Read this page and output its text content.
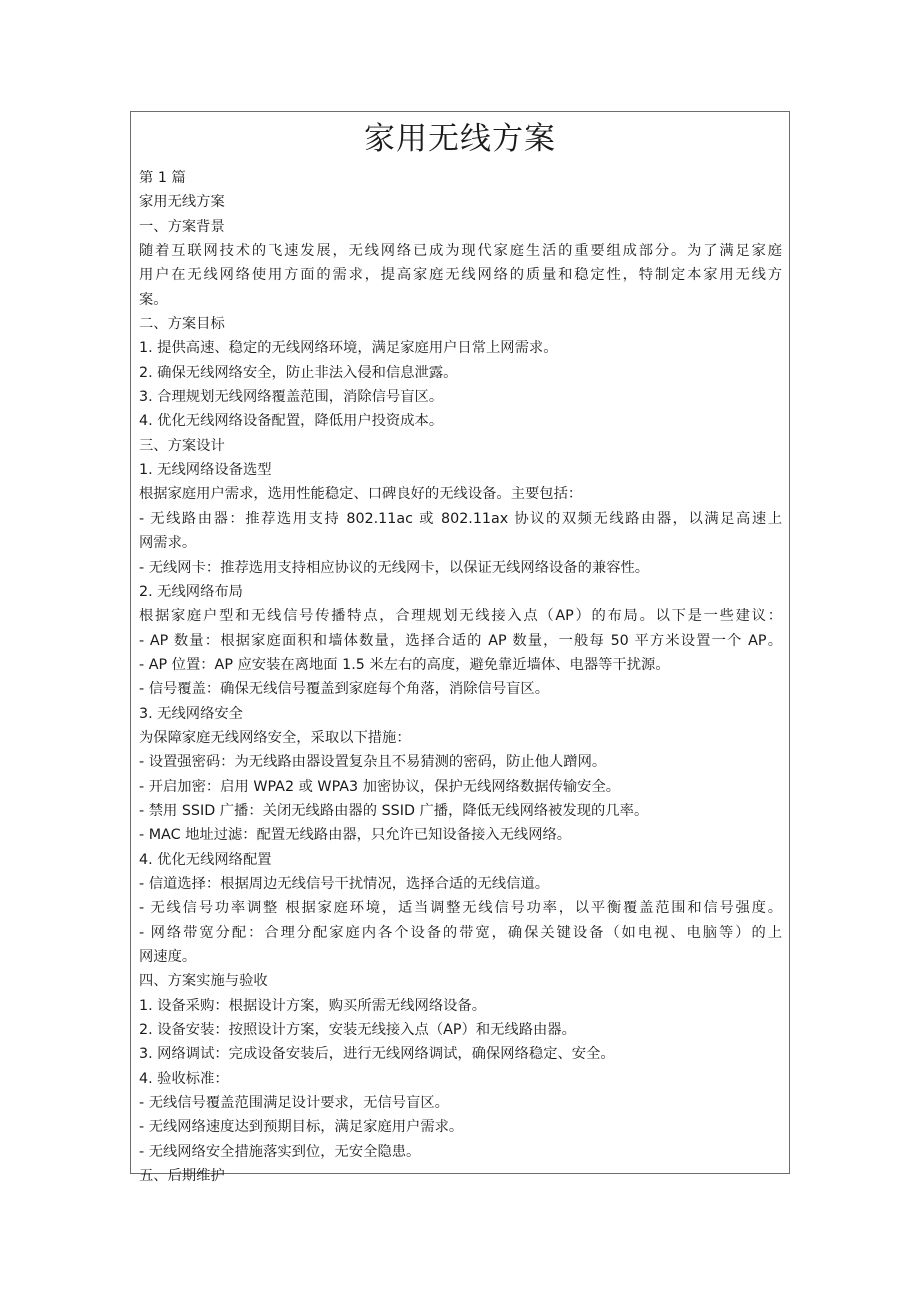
家用无线方案
第 1 篇
家用无线方案
一、方案背景
随着互联网技术的飞速发展，无线网络已成为现代家庭生活的重要组成部分。为了满足家庭
用户在无线网络使用方面的需求，提高家庭无线网络的质量和稳定性，特制定本家用无线方
案。
二、方案目标
1. 提供高速、稳定的无线网络环境，满足家庭用户日常上网需求。
2. 确保无线网络安全，防止非法入侵和信息泄露。
3. 合理规划无线网络覆盖范围，消除信号盲区。
4. 优化无线网络设备配置，降低用户投资成本。
三、方案设计
1. 无线网络设备选型
根据家庭用户需求，选用性能稳定、口碑良好的无线设备。主要包括：
- 无线路由器：推荐选用支持 802.11ac 或 802.11ax 协议的双频无线路由器，以满足高速上
网需求。
- 无线网卡：推荐选用支持相应协议的无线网卡，以保证无线网络设备的兼容性。
2. 无线网络布局
根据家庭户型和无线信号传播特点，合理规划无线接入点（AP）的布局。以下是一些建议：
- AP 数量：根据家庭面积和墙体数量，选择合适的 AP 数量，一般每 50 平方米设置一个 AP。
- AP 位置：AP 应安装在离地面 1.5 米左右的高度，避免靠近墙体、电器等干扰源。
- 信号覆盖：确保无线信号覆盖到家庭每个角落，消除信号盲区。
3. 无线网络安全
为保障家庭无线网络安全，采取以下措施：
- 设置强密码：为无线路由器设置复杂且不易猜测的密码，防止他人蹭网。
- 开启加密：启用 WPA2 或 WPA3 加密协议，保护无线网络数据传输安全。
- 禁用 SSID 广播：关闭无线路由器的 SSID 广播，降低无线网络被发现的几率。
- MAC 地址过滤：配置无线路由器，只允许已知设备接入无线网络。
4. 优化无线网络配置
- 信道选择：根据周边无线信号干扰情况，选择合适的无线信道。
- 无线信号功率调整 根据家庭环境，适当调整无线信号功率，以平衡覆盖范围和信号强度。
- 网络带宽分配：合理分配家庭内各个设备的带宽，确保关键设备（如电视、电脑等）的上
网速度。
四、方案实施与验收
1. 设备采购：根据设计方案，购买所需无线网络设备。
2. 设备安装：按照设计方案，安装无线接入点（AP）和无线路由器。
3. 网络调试：完成设备安装后，进行无线网络调试，确保网络稳定、安全。
4. 验收标准：
- 无线信号覆盖范围满足设计要求，无信号盲区。
- 无线网络速度达到预期目标，满足家庭用户需求。
- 无线网络安全措施落实到位，无安全隐患。
五、后期维护
